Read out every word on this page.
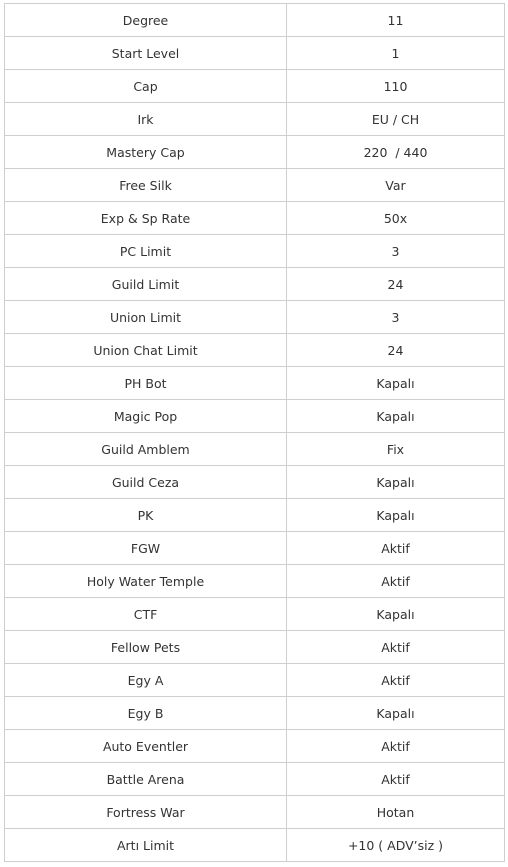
Degree	11
Start Level	1
Cap	110
Irk	EU / CH
Mastery Cap	220  / 440
Free Silk	Var
Exp & Sp Rate	50x
PC Limit	3
Guild Limit	24
Union Limit	3
Union Chat Limit	24
PH Bot	Kapalı
Magic Pop	Kapalı
Guild Amblem	Fix
Guild Ceza	Kapalı
PK	Kapalı
FGW	Aktif
Holy Water Temple	Aktif
CTF	Kapalı
Fellow Pets	Aktif
Egy A	Aktif
Egy B	Kapalı
Auto Eventler	Aktif
Battle Arena	Aktif
Fortress War	Hotan
Artı Limit	+10 ( ADV’siz )
